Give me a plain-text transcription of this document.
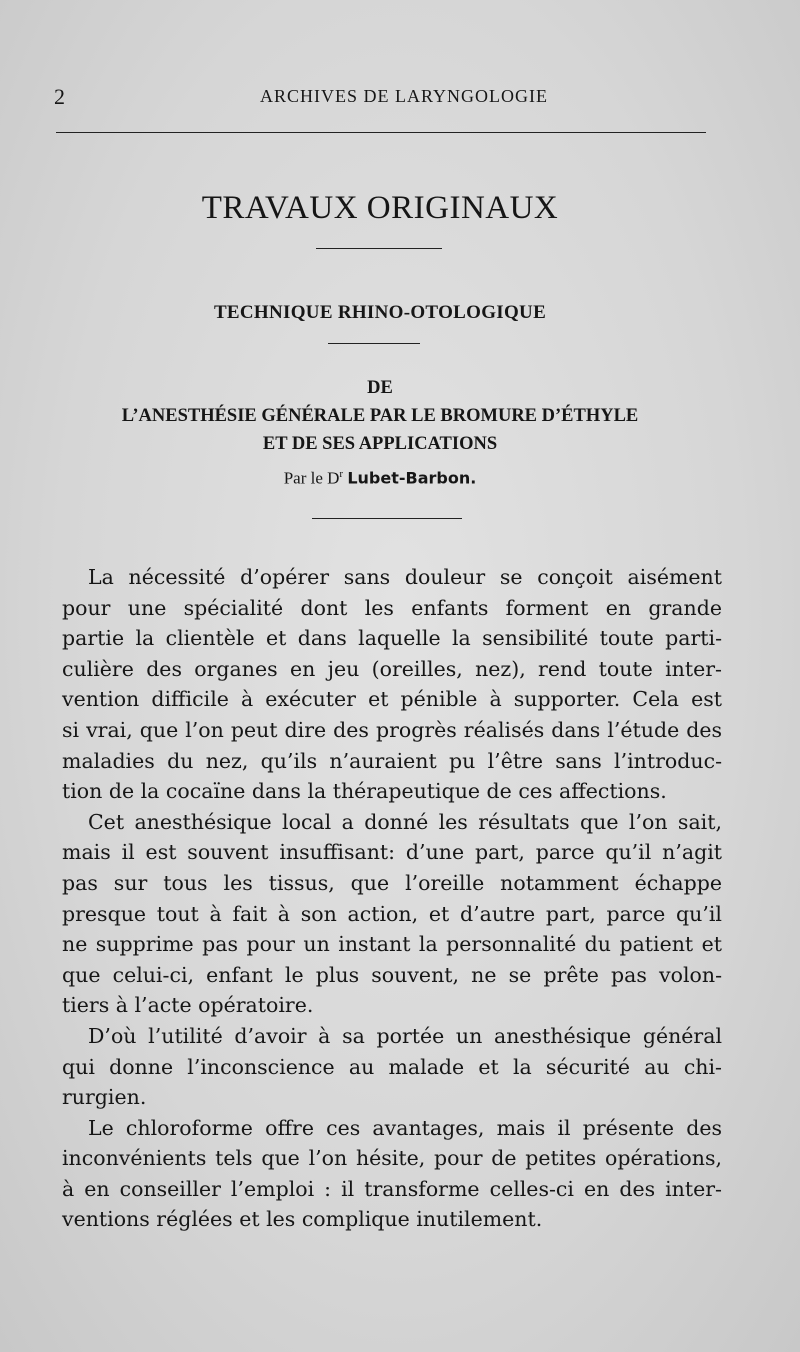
2	ARCHIVES DE LARYNGOLOGIE
TRAVAUX ORIGINAUX
TECHNIQUE RHINO-OTOLOGIQUE
DE
L’ANESTHÉSIE GÉNÉRALE PAR LE BROMURE D’ÉTHYLE
ET DE SES APPLICATIONS
Par le $D^r$ Lubet-Barbon.
La nécessité d’opérer sans douleur se conçoit aisément
pour une spécialité dont les enfants forment en grande
partie la clientèle et dans laquelle la sensibilité toute parti-
culière des organes en jeu (oreilles, nez), rend toute inter-
vention difficile à exécuter et pénible à supporter. Cela est
si vrai, que l’on peut dire des progrès réalisés dans l’étude des
maladies du nez, qu’ils n’auraient pu l’être sans l’introduc-
tion de la cocaïne dans la thérapeutique de ces affections.
Cet anesthésique local a donné les résultats que l’on sait,
mais il est souvent insuffisant: d’une part, parce qu’il n’agit
pas sur tous les tissus, que l’oreille notamment échappe
presque tout à fait à son action, et d’autre part, parce qu’il
ne supprime pas pour un instant la personnalité du patient et
que celui-ci, enfant le plus souvent, ne se prête pas volon-
tiers à l’acte opératoire.
D’où l’utilité d’avoir à sa portée un anesthésique général
qui donne l’inconscience au malade et la sécurité au chi-
rurgien.
Le chloroforme offre ces avantages, mais il présente des
inconvénients tels que l’on hésite, pour de petites opérations,
à en conseiller l’emploi : il transforme celles-ci en des inter-
ventions réglées et les complique inutilement.
